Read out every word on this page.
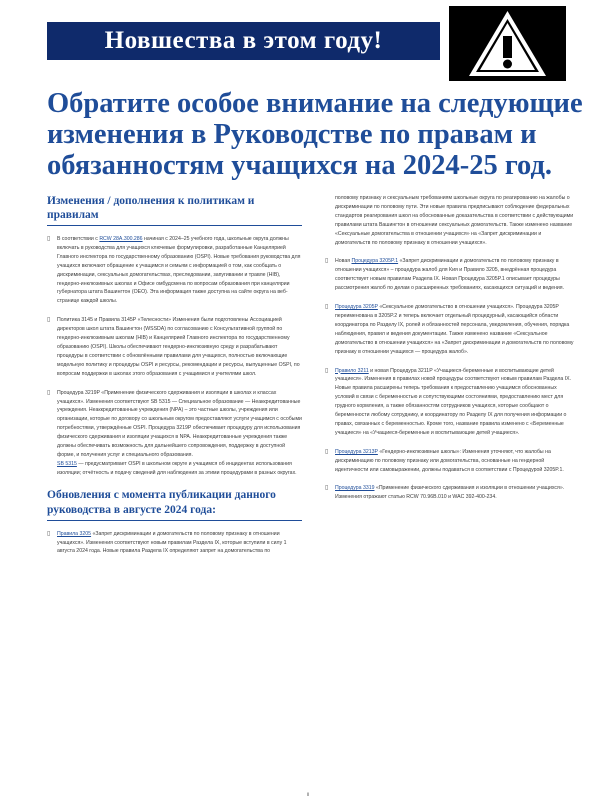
Новшества в этом году!
Обратите особое внимание на следующие
изменения в Руководстве по правам и
обязанностям учащихся на 2024-25 год.
Изменения / дополнения к политикам и правилам
▯	В соответствии с RCW 28A.300.286 начиная с 2024–25 учебного года, школьные округа должны включать в руководства для учащихся ключевые формулировки, разработанные Канцелярией Главного инспектора по государственному образованию (OSPI). Новые требования руководства для учащихся включают обращение к учащимся и семьям с информацией о том, как сообщать о дискриминации, сексуальных домогательствах, преследовании, запугивании и травле (HIB), гендерно-инклюзивных школах и Офисе омбудсмена по вопросам образования при канцелярии губернатора штата Вашингтон (OEO). Эта информация также доступна на сайте округа на веб-странице каждой школы.
▯	Политика 3145 и Правила 3145P «Телесности» Изменения были подготовлены Ассоциацией директоров школ штата Вашингтон (WSSDA) по согласованию с Консультативной группой по гендерно-инклюзивным школам (HIB) и Канцелярией Главного инспектора по государственному образованию (OSPI). Школы обеспечивают гендерно-инклюзивную среду и разрабатывают процедуры в соответствии с обновлёнными правилами для учащихся, полностью включающие модельную политику и процедуры OSPI и ресурсы, рекомендации и ресурсы, выпущенные OSPI, по вопросам поддержки в школах этого образования с учащимися и учителями школ.
▯	Процедура 3219P «Применение физического сдерживания и изоляции в школах и классах учащихся». Изменения соответствуют SB 5315 — Специальное образование — Неаккредитованные учреждения. Неаккредитованные учреждения (NPA) – это частные школы, учреждения или организации, которые по договору со школьным округом предоставляют услуги учащимся с особыми потребностями, утверждённые OSPI. Процедура 3219P обеспечивает процедуру для использования физического сдерживания и изоляции учащихся в NPA. Неаккредитованные учреждения также должны обеспечивать возможность для дальнейшего сопровождения, поддержку в доступной форме, и получения услуг и специального образования.
SB 5315 — предусматривает OSPI в школьном округе и учащимся об инцидентах использования изоляции; отчётность и подачу сведений для наблюдения за этими процедурами в разных округах.
Обновления с момента публикации данного руководства в августе 2024 года:
▯	Правила 3205 «Запрет дискриминации и домогательств по половому признаку в отношении учащихся». Изменения соответствуют новым правилам Раздела IX, которые вступили в силу 1 августа 2024 года. Новые правила Раздела IX определяют запрет на домогательства по
половому признаку и сексуальным требованиям школьные округа по реагированию на жалобы о дискриминации по половому пути. Эти новые правила предписывают соблюдение федеральных стандартов реагирования школ на обоснованные доказательства в соответствии с действующими правилами штата Вашингтон в отношении сексуальных домогательств. Также изменено название «Сексуальные домогательства в отношении учащихся» на «Запрет дискриминации и домогательств по половому признаку в отношении учащихся».
▯	Новая Процедура 3205P.1 «Запрет дискриминации и домогательств по половому признаку в отношении учащихся» – процедура жалоб для Кия и Правило 3205, внедрённая процедура соответствует новым правилам Раздела IX. Новая Процедура 3205P.1 описывает процедуры рассмотрения жалоб по делам о расширенных требованиях, касающихся ситуаций и ведения.
▯	Процедура 3205P «Сексуальное домогательство в отношении учащихся». Процедура 3205P переименована в 3205P.2 и теперь включает отдельный процедурный, касающийся области координатора по Разделу IX, ролей и обязанностей персонала, уведомления, обучения, порядка наблюдения, правил и ведения документации. Также изменено название «Сексуальное домогательство в отношении учащихся» на «Запрет дискриминации и домогательств по половому признаку в отношении учащихся — процедура жалоб».
▯	Правило 3211 и новая Процедура 3211P «Учащиеся-беременные и воспитывающие детей учащиеся». Изменения в правилах новой процедуры соответствуют новым правилам Раздела IX. Новые правила расширены теперь требования к предоставлению учащимся обоснованных условий в связи с беременностью и сопутствующими состояниями, предоставлению мест для грудного кормления, а также обязанностям сотрудников учащихся, которые сообщают о беременности любому сотруднику, и координатору по Разделу IX для получения информации о правах, связанных с беременностью. Кроме того, название правила изменено с «Беременные учащиеся» на «Учащиеся-беременные и воспитывающие детей учащиеся».
▯	Процедура 3213P «Гендерно-инклюзивные школы»: Изменения уточняют, что жалобы на дискриминацию по половому признаку или домогательства, основанные на гендерной идентичности или самовыражении, должны подаваться в соответствии с Процедурой 3205P.1.
▯	Процедура 3319 «Применение физического сдерживания и изоляции в отношении учащихся». Изменения отражают статью RCW 70.96B.010 и WAC 392-400-234.
ii
